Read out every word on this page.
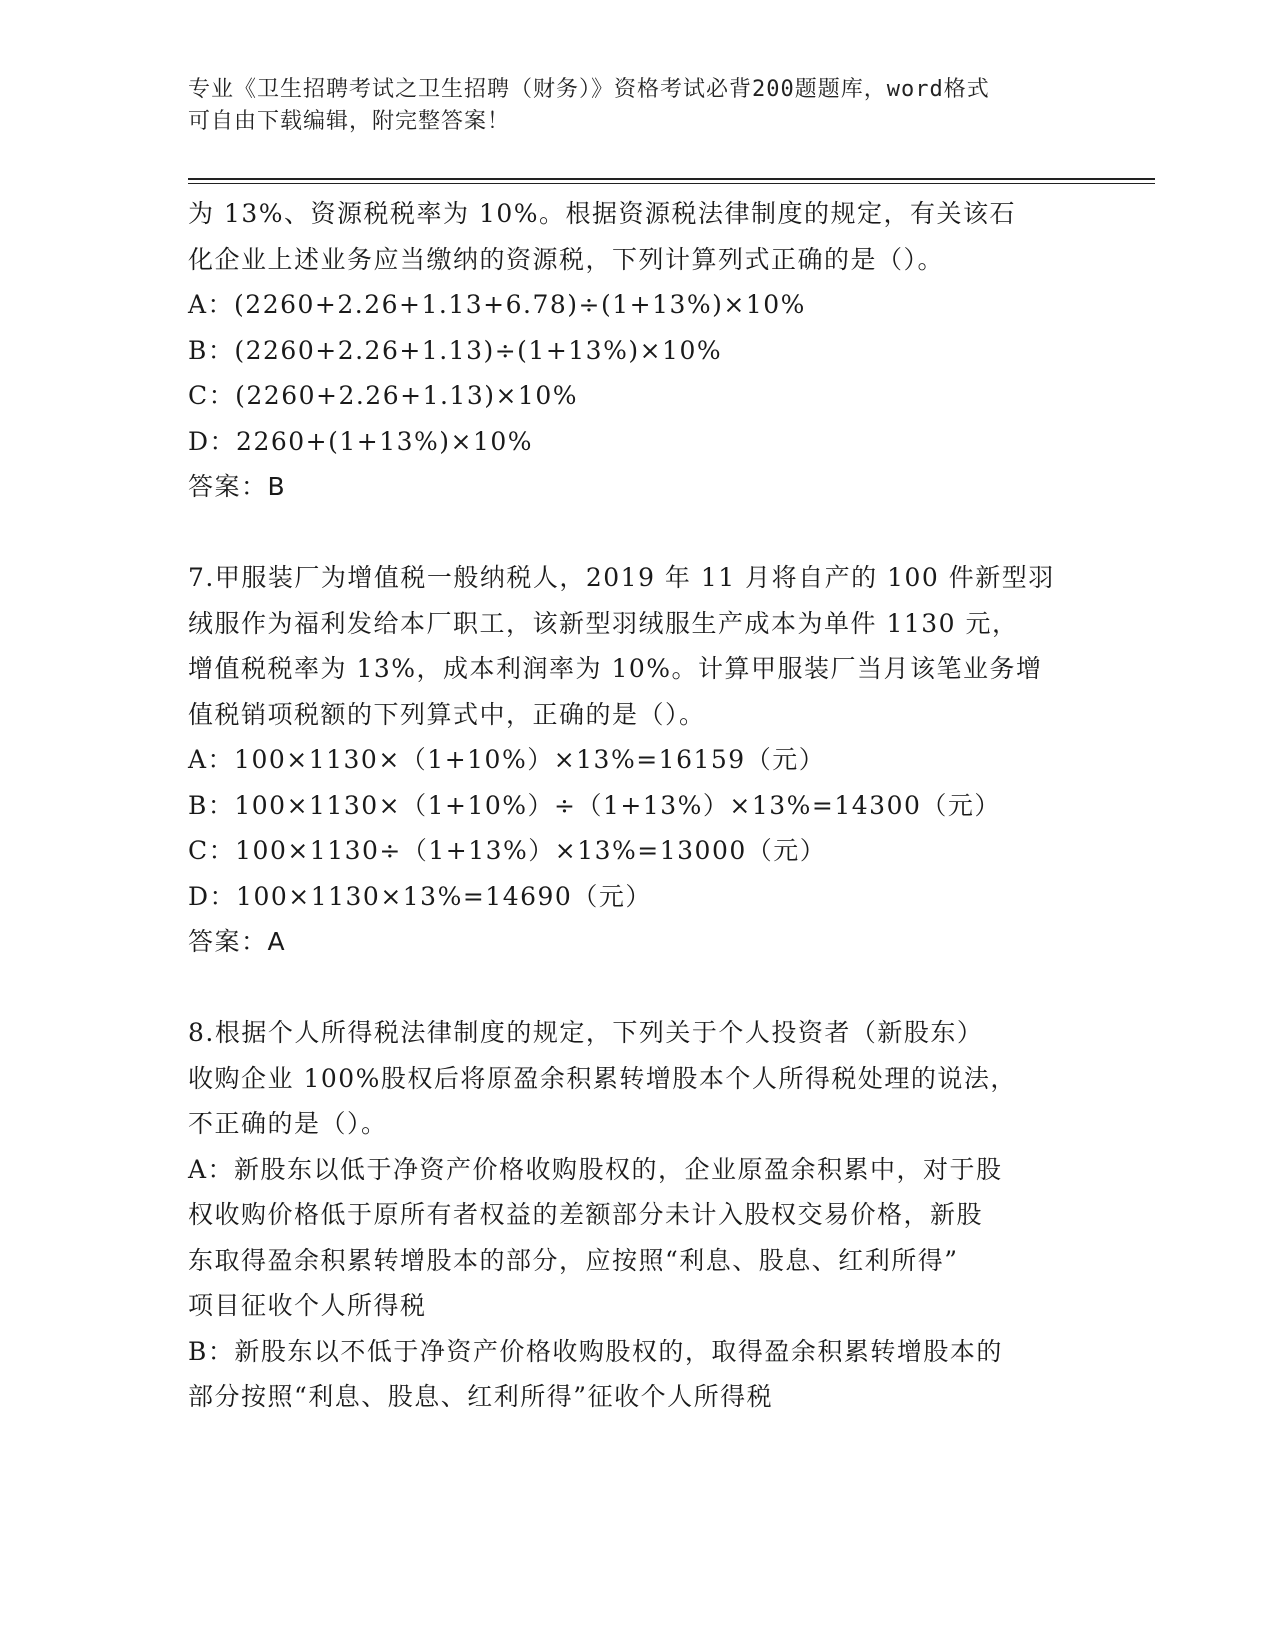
专业《卫生招聘考试之卫生招聘（财务）》资格考试必背200题题库，word格式
可自由下载编辑，附完整答案！
为 13%、资源税税率为 10%。根据资源税法律制度的规定，有关该石
化企业上述业务应当缴纳的资源税，下列计算列式正确的是（）。
A：(2260+2.26+1.13+6.78)÷(1+13%)×10%
B：(2260+2.26+1.13)÷(1+13%)×10%
C：(2260+2.26+1.13)×10%
D：2260+(1+13%)×10%
答案：B
7.甲服装厂为增值税一般纳税人，2019 年 11 月将自产的 100 件新型羽
绒服作为福利发给本厂职工，该新型羽绒服生产成本为单件 1130 元，
增值税税率为 13%，成本利润率为 10%。计算甲服装厂当月该笔业务增
值税销项税额的下列算式中，正确的是（）。
A：100×1130×（1+10%）×13%=16159（元）
B：100×1130×（1+10%）÷（1+13%）×13%=14300（元）
C：100×1130÷（1+13%）×13%=13000（元）
D：100×1130×13%=14690（元）
答案：A
8.根据个人所得税法律制度的规定，下列关于个人投资者（新股东）
收购企业 100%股权后将原盈余积累转增股本个人所得税处理的说法，
不正确的是（）。
A：新股东以低于净资产价格收购股权的，企业原盈余积累中，对于股
权收购价格低于原所有者权益的差额部分未计入股权交易价格，新股
东取得盈余积累转增股本的部分，应按照“利息、股息、红利所得”
项目征收个人所得税
B：新股东以不低于净资产价格收购股权的，取得盈余积累转增股本的
部分按照“利息、股息、红利所得”征收个人所得税
